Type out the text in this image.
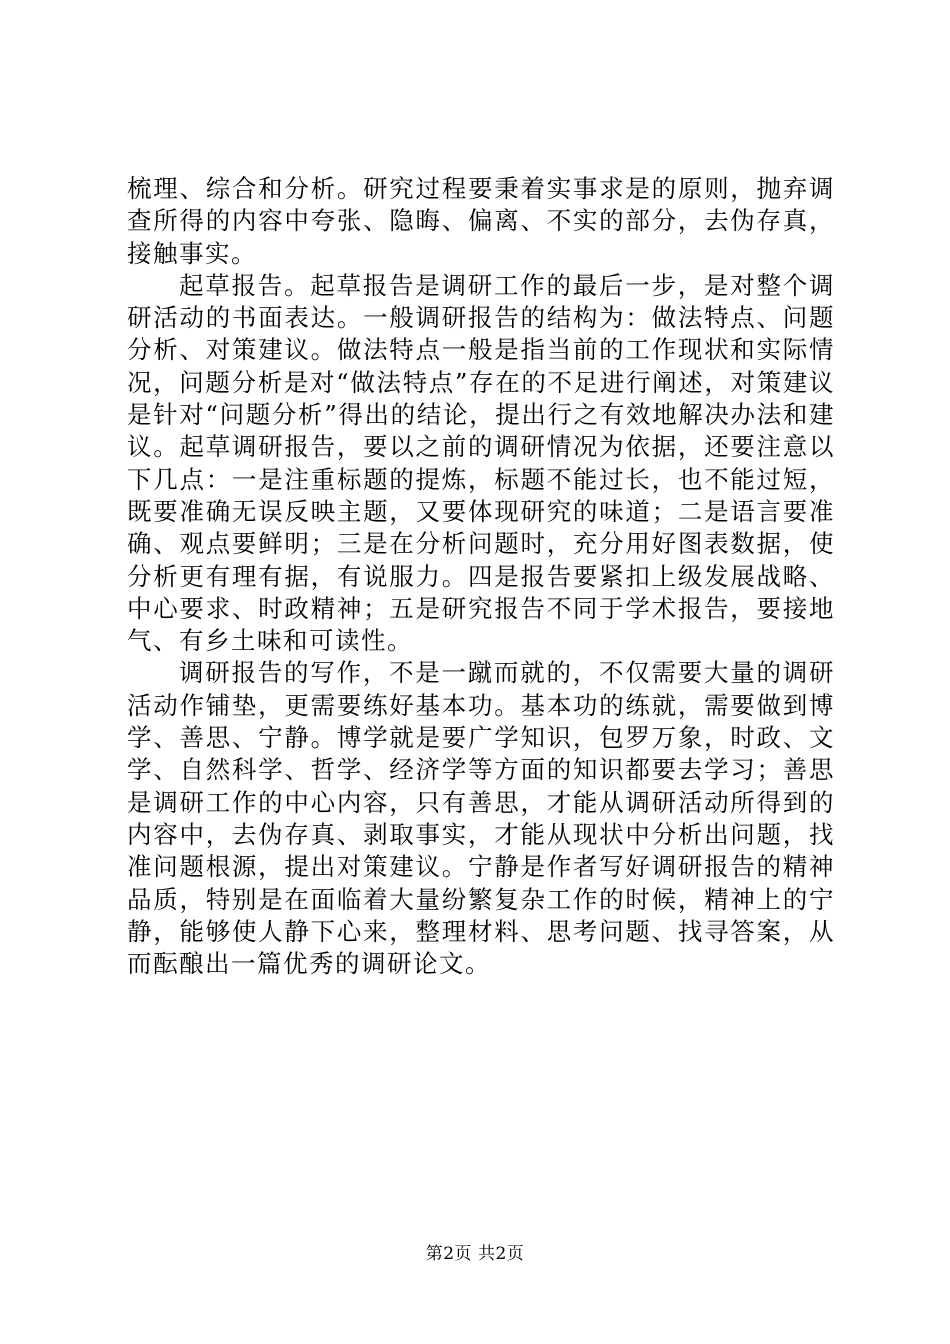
梳理、综合和分析。研究过程要秉着实事求是的原则，抛弃调查所得的内容中夸张、隐晦、偏离、不实的部分，去伪存真，接触事实。

起草报告。起草报告是调研工作的最后一步，是对整个调研活动的书面表达。一般调研报告的结构为：做法特点、问题分析、对策建议。做法特点一般是指当前的工作现状和实际情况，问题分析是对“做法特点”存在的不足进行阐述，对策建议是针对“问题分析”得出的结论，提出行之有效地解决办法和建议。起草调研报告，要以之前的调研情况为依据，还要注意以下几点：一是注重标题的提炼，标题不能过长，也不能过短，既要准确无误反映主题，又要体现研究的味道；二是语言要准确、观点要鲜明；三是在分析问题时，充分用好图表数据，使分析更有理有据，有说服力。四是报告要紧扣上级发展战略、中心要求、时政精神；五是研究报告不同于学术报告，要接地气、有乡土味和可读性。

调研报告的写作，不是一蹴而就的，不仅需要大量的调研活动作铺垫，更需要练好基本功。基本功的练就，需要做到博学、善思、宁静。博学就是要广学知识，包罗万象，时政、文学、自然科学、哲学、经济学等方面的知识都要去学习；善思是调研工作的中心内容，只有善思，才能从调研活动所得到的内容中，去伪存真、剥取事实，才能从现状中分析出问题，找准问题根源，提出对策建议。宁静是作者写好调研报告的精神品质，特别是在面临着大量纷繁复杂工作的时候，精神上的宁静，能够使人静下心来，整理材料、思考问题、找寻答案，从而酝酿出一篇优秀的调研论文。

第2页 共2页
